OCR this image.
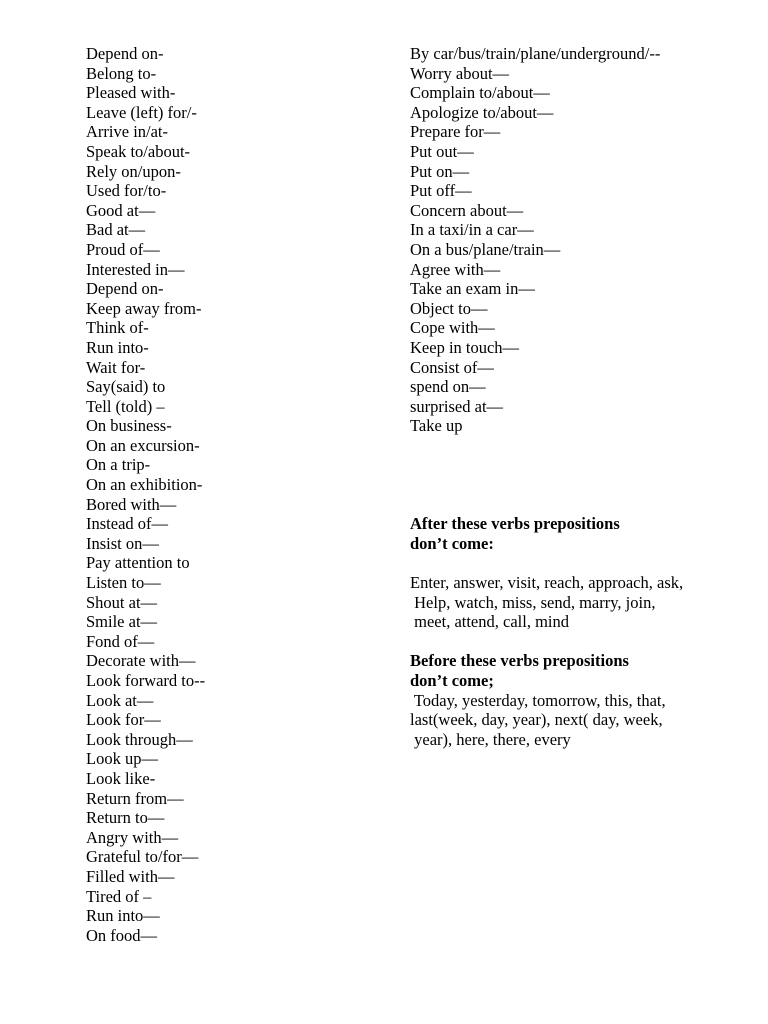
Depend on-
Belong to-
Pleased with-
Leave (left) for/-
Arrive in/at-
Speak to/about-
Rely on/upon-
Used for/to-
Good at—
Bad at—
Proud of—
Interested in—
Depend on-
Keep away from-
Think of-
Run into-
Wait for-
Say(said) to
Tell (told) –
On business-
On an excursion-
On a trip-
On an exhibition-
Bored with—
Instead of—
Insist on—
Pay attention to
Listen to—
Shout at—
Smile at—
Fond of—
Decorate with—
Look forward to--
Look at—
Look for—
Look through—
Look up—
Look like-
Return from—
Return to—
Angry with—
Grateful to/for—
Filled with—
Tired of –
Run into—
On food—
By car/bus/train/plane/underground/--
Worry about—
Complain to/about—
Apologize to/about—
Prepare for—
Put out—
Put on—
Put off—
Concern about—
In a taxi/in a car—
On a bus/plane/train—
Agree with—
Take an exam in—
Object to—
Cope with—
Keep in touch—
Consist of—
spend on—
surprised at—
Take up
After these verbs prepositions
don’t come:
Enter, answer, visit, reach, approach, ask,
Help, watch, miss, send, marry, join,
meet, attend, call, mind
Before these verbs prepositions
don’t come;
Today, yesterday, tomorrow, this, that,
last(week, day, year), next( day, week,
year), here, there, every
